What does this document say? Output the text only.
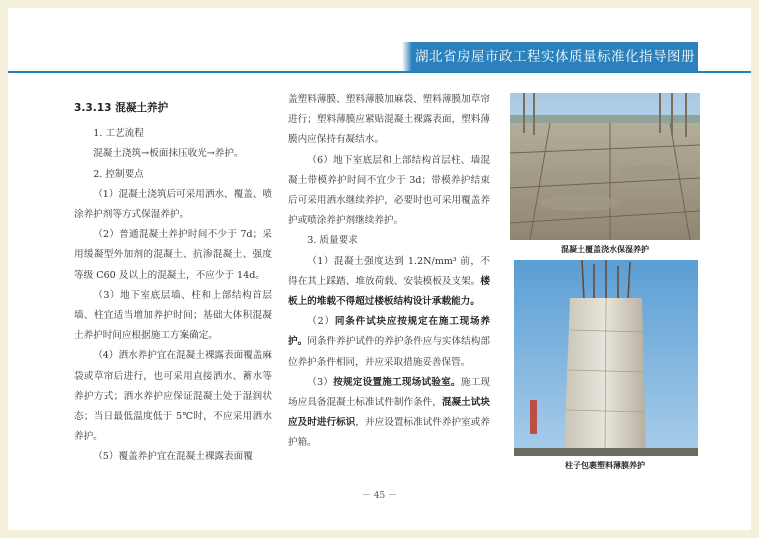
湖北省房屋市政工程实体质量标准化指导图册

3.3.13 混凝土养护

1. 工艺流程

混凝土浇筑→板面抹压收光→养护。

2. 控制要点

（1）混凝土浇筑后可采用洒水、覆盖、喷涂养护剂等方式保湿养护。

（2）普通混凝土养护时间不少于 7d；采用缓凝型外加剂的混凝土、抗渗混凝土、强度等级 C60 及以上的混凝土，不应少于 14d。

（3）地下室底层墙、柱和上部结构首层墙、柱宜适当增加养护时间；基础大体积混凝土养护时间应根据施工方案确定。

（4）洒水养护宜在混凝土裸露表面覆盖麻袋或草帘后进行，也可采用直接洒水、蓄水等养护方式；洒水养护应保证混凝土处于湿润状态；当日最低温度低于 5℃时，不应采用洒水养护。

（5）覆盖养护宜在混凝土裸露表面覆

盖塑料薄膜、塑料薄膜加麻袋、塑料薄膜加草帘进行；塑料薄膜应紧贴混凝土裸露表面，塑料薄膜内应保持有凝结水。

（6）地下室底层和上部结构首层柱、墙混凝土带模养护时间不宜少于 3d；带模养护结束后可采用洒水继续养护，必要时也可采用覆盖养护或喷涂养护剂继续养护。

3. 质量要求

（1）混凝土强度达到 1.2N/mm³ 前，不得在其上踩踏、堆放荷载、安装模板及支架。楼板上的堆载不得超过楼板结构设计承载能力。

（2）同条件试块应按规定在施工现场养护。同条件养护试件的养护条件应与实体结构部位养护条件相同，并应采取措施妥善保管。

（3）按规定设置施工现场试验室。施工现场应具备混凝土标准试件制作条件，混凝土试块应及时进行标识，并应设置标准试件养护室或养护箱。

混凝土覆盖浇水保湿养护
柱子包裹塑料薄膜养护
－ 45 －
